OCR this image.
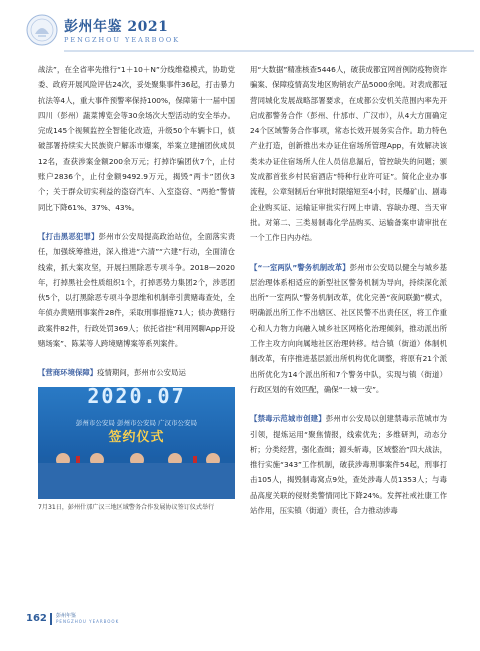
彭州年鉴 2021
PENGZHOU YEARBOOK

战法”，在全省率先推行“1＋10＋N”分线维稳模式，协助党委、政府开展风险评估24次，妥处聚集事件36起，打击暴力抗法等4人，重大事件预警率保持100%，保障第十一届中国四川（彭州）蔬菜博览会等30余场次大型活动的安全举办。完成145个视频监控全智能化改造，升级50个车辆卡口，侦破部署持续实大民族资户解冻市爆案，举案立建捕团伙成员12名，查获涉案金额200余万元；打掉诈骗团伙7个，止付账户2836个，止付金额9492.9万元，揭毁“两卡”团伙3个；关于群众切实利益的盗窃汽车、入室盗窃、“两抢”警情同比下降61%、37%、43%。

【打击黑恶犯罪】彭州市公安局提高政治站位，全面落实责任，加强统筹推进，深入推进“六清”“六建”行动，全面清仓线索，抓大案攻坚，开展扫黑除恶专项斗争。2018—2020年，打掉黑社会性质组织1个，打掉恶势力集团2个，涉恶团伙5个，以打黑除恶专项斗争思维和机制牵引黄赌毒查处，全年侦办黄赌刑事案件28件，采取刑事措施71人；侦办黄赌行政案件82件，行政处罚369人；依托省挂“利用网聊App开设赌场案”、陈某等人跨境赌博案等系列案件。

【营商环境保障】疫情期间，彭州市公安局运

2020.07
彭州市公安局 彭州市公安局 广汉市公安局
签约仪式
7月31日，彭州什邡广汉三地区域警务合作发展协议签订仪式举行

用“大数据”精准核查5446人，破获成都宜网首例防疫物资诈骗案、保障疫情高发地区购销农产品5000余吨。对表成都冠营同城化发展战略部署要求，在成都公安机关范围内率先开启成都警务合作（彭州、什邡市、广汉市），从4大方面确定24个区域警务合作事项，常态长效开展务实合作。助力特色产业打造，创新推出未办证住宿场所管理App，有效解决该类未办证住宿场所人住人员信息漏后，管控缺失的问题；颁发成都首张乡村民宿酒店“特种行业许可证”。简化企业办事流程，公章刻制后台审批时限缩短至4小时，民爆矿山、剧毒企业购买证、运输证审批实行网上申请、容缺办理、当天审批。对第二、三类易制毒化学品购买、运输备案申请审批在一个工作日内办结。

【“一室两队”警务机制改革】彭州市公安局以健全与城乡基层治理体系相适应的新型社区警务机制为导向，持续深化派出所“一室两队”警务机制改革，优化完善“夜间联勤”模式，明确派出所工作不出辖区、社区民警不出责任区，将工作重心和人力物力向融入城乡社区网格化治理倾斜，推动派出所工作主攻方向向属地社区治理转移。结合镇（街道）体制机制改革，有序推进基层派出所机构优化调整，将原有21个派出所优化为14个派出所和7个警务中队，实现与镇（街道）行政区划的有效匹配，确保“一城一安”。

【禁毒示范城市创建】彭州市公安局以创建禁毒示范城市为引领，提炼运用“聚焦情报，线索优先；多维研判，动态分析；分类经营，强化查缉；源头斩毒，区域整治”四大战法，推行实施“343”工作机制，破获涉毒刑事案件54起，刑事打击105人，揭毁制毒窝点9处，查处涉毒人员1353人；与毒品高度关联的侵财类警情同比下降24%。发挥社戒社康工作站作用，压实镇（街道）责任，合力推动涉毒

162 彭州年鉴
PENGZHOU YEARBOOK
